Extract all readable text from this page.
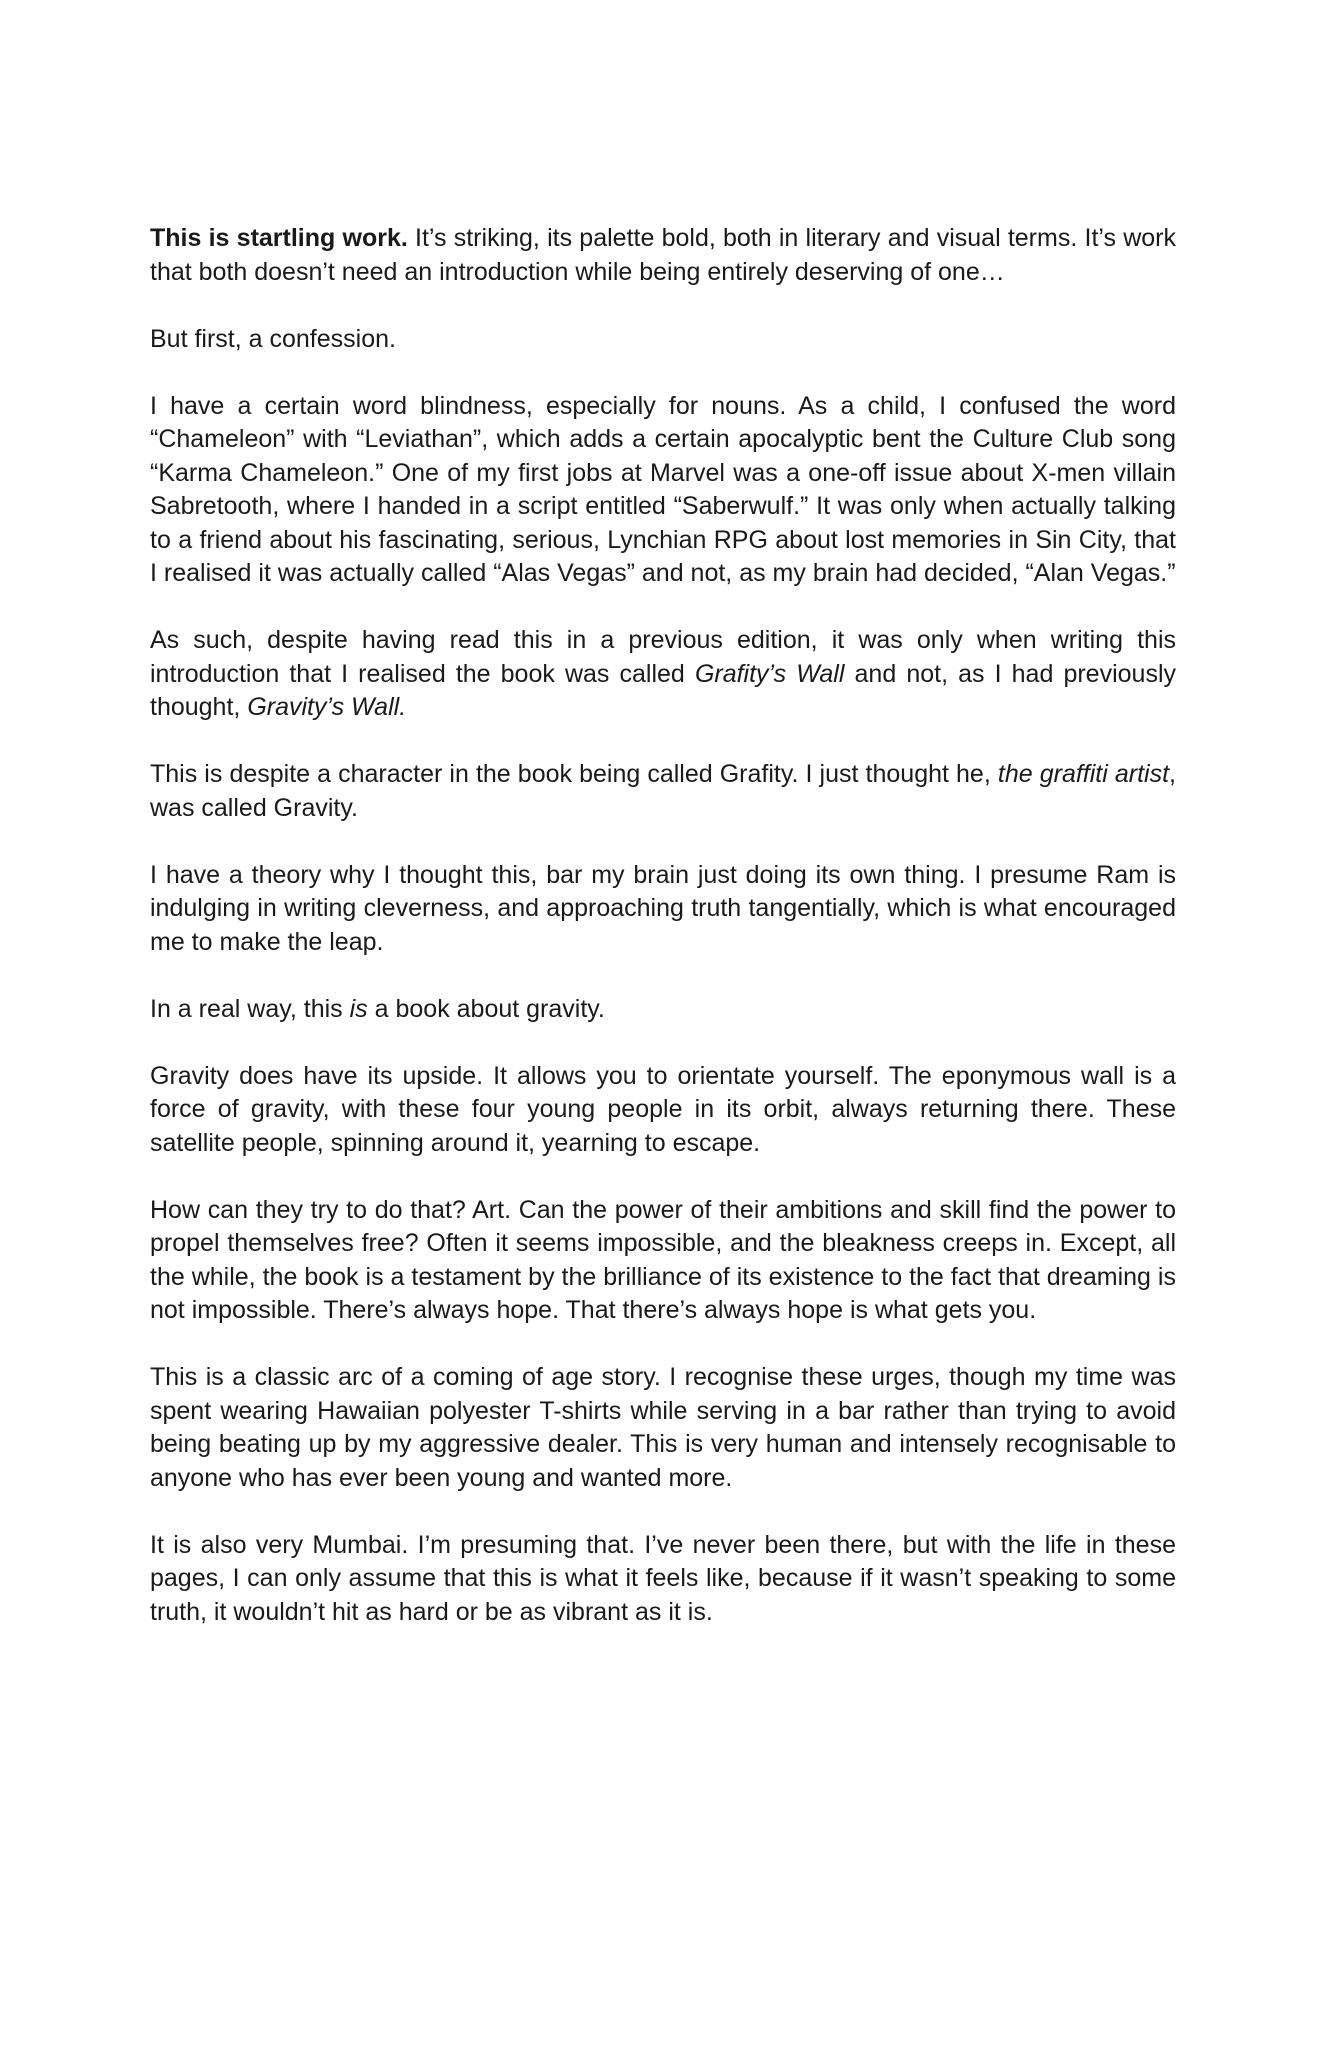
This is startling work. It’s striking, its palette bold, both in literary and visual terms. It’s work that both doesn’t need an introduction while being entirely deserving of one…

But first, a confession.

I have a certain word blindness, especially for nouns. As a child, I confused the word “Chameleon” with “Leviathan”, which adds a certain apocalyptic bent the Culture Club song “Karma Chameleon.” One of my first jobs at Marvel was a one-off issue about X-men villain Sabretooth, where I handed in a script entitled “Saberwulf.” It was only when actually talking to a friend about his fascinating, serious, Lynchian RPG about lost memories in Sin City, that I realised it was actually called “Alas Vegas” and not, as my brain had decided, “Alan Vegas.”

As such, despite having read this in a previous edition, it was only when writing this introduction that I realised the book was called Grafity’s Wall and not, as I had previously thought, Gravity’s Wall.

This is despite a character in the book being called Grafity. I just thought he, the graffiti artist, was called Gravity.

I have a theory why I thought this, bar my brain just doing its own thing. I presume Ram is indulging in writing cleverness, and approaching truth tangentially, which is what encouraged me to make the leap.

In a real way, this is a book about gravity.

Gravity does have its upside. It allows you to orientate yourself. The eponymous wall is a force of gravity, with these four young people in its orbit, always returning there. These satellite people, spinning around it, yearning to escape.

How can they try to do that? Art. Can the power of their ambitions and skill find the power to propel themselves free? Often it seems impossible, and the bleakness creeps in. Except, all the while, the book is a testament by the brilliance of its existence to the fact that dreaming is not impossible. There’s always hope. That there’s always hope is what gets you.

This is a classic arc of a coming of age story. I recognise these urges, though my time was spent wearing Hawaiian polyester T-shirts while serving in a bar rather than trying to avoid being beating up by my aggressive dealer. This is very human and intensely recognisable to anyone who has ever been young and wanted more.

It is also very Mumbai. I’m presuming that. I’ve never been there, but with the life in these pages, I can only assume that this is what it feels like, because if it wasn’t speaking to some truth, it wouldn’t hit as hard or be as vibrant as it is.
